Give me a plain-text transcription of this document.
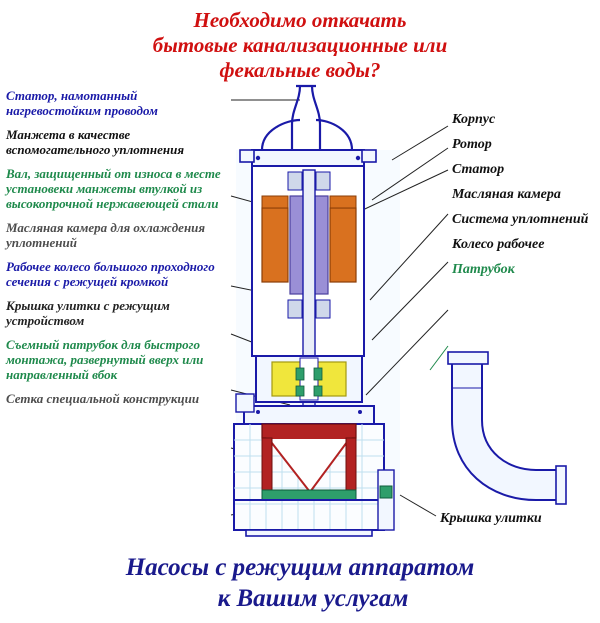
Необходимо откачать
бытовые канализационные или
фекальные воды?
Статор, намотанный нагревостойким проводом
Манжета в качестве вспомогательного уплотнения
Вал, защищенный от износа в месте установеки манжеты втулкой из высокопрочной нержавеющей стали
Масляная камера для охлаждения уплотнений
Рабочее колесо большого проходного сечения с режущей кромкой
Крышка улитки с режущим устройством
Съемный патрубок для быстрого монтажа, развернутый вверх или направленный вбок
Сетка специальной конструкции
Корпус
Ротор
Статор
Масляная камера
Система уплотнений
Колесо рабочее
Патрубок
Крышка улитки
Насосы с режущим аппаратом
к Вашим услугам
